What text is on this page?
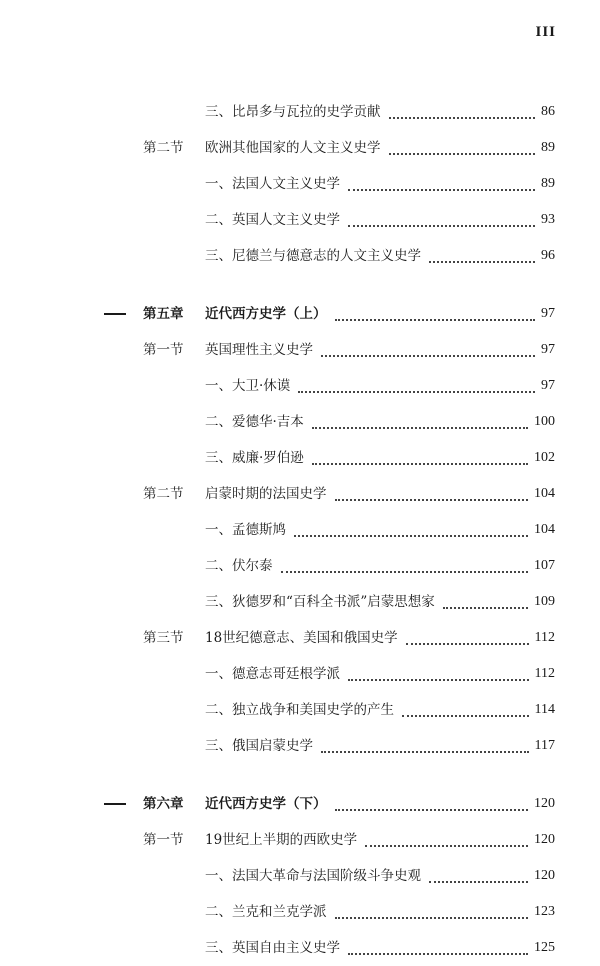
III
三、比昂多与瓦拉的史学贡献	86
第二节 欧洲其他国家的人文主义史学	89
一、法国人文主义史学	89
二、英国人文主义史学	93
三、尼德兰与德意志的人文主义史学	96
第五章 近代西方史学（上）	97
第一节 英国理性主义史学	97
一、大卫·休谟	97
二、爱德华·吉本	100
三、威廉·罗伯逊	102
第二节 启蒙时期的法国史学	104
一、孟德斯鸠	104
二、伏尔泰	107
三、狄德罗和“百科全书派”启蒙思想家	109
第三节 18世纪德意志、美国和俄国史学	112
一、德意志哥廷根学派	112
二、独立战争和美国史学的产生	114
三、俄国启蒙史学	117
第六章 近代西方史学（下）	120
第一节 19世纪上半期的西欧史学	120
一、法国大革命与法国阶级斗争史观	120
二、兰克和兰克学派	123
三、英国自由主义史学	125
